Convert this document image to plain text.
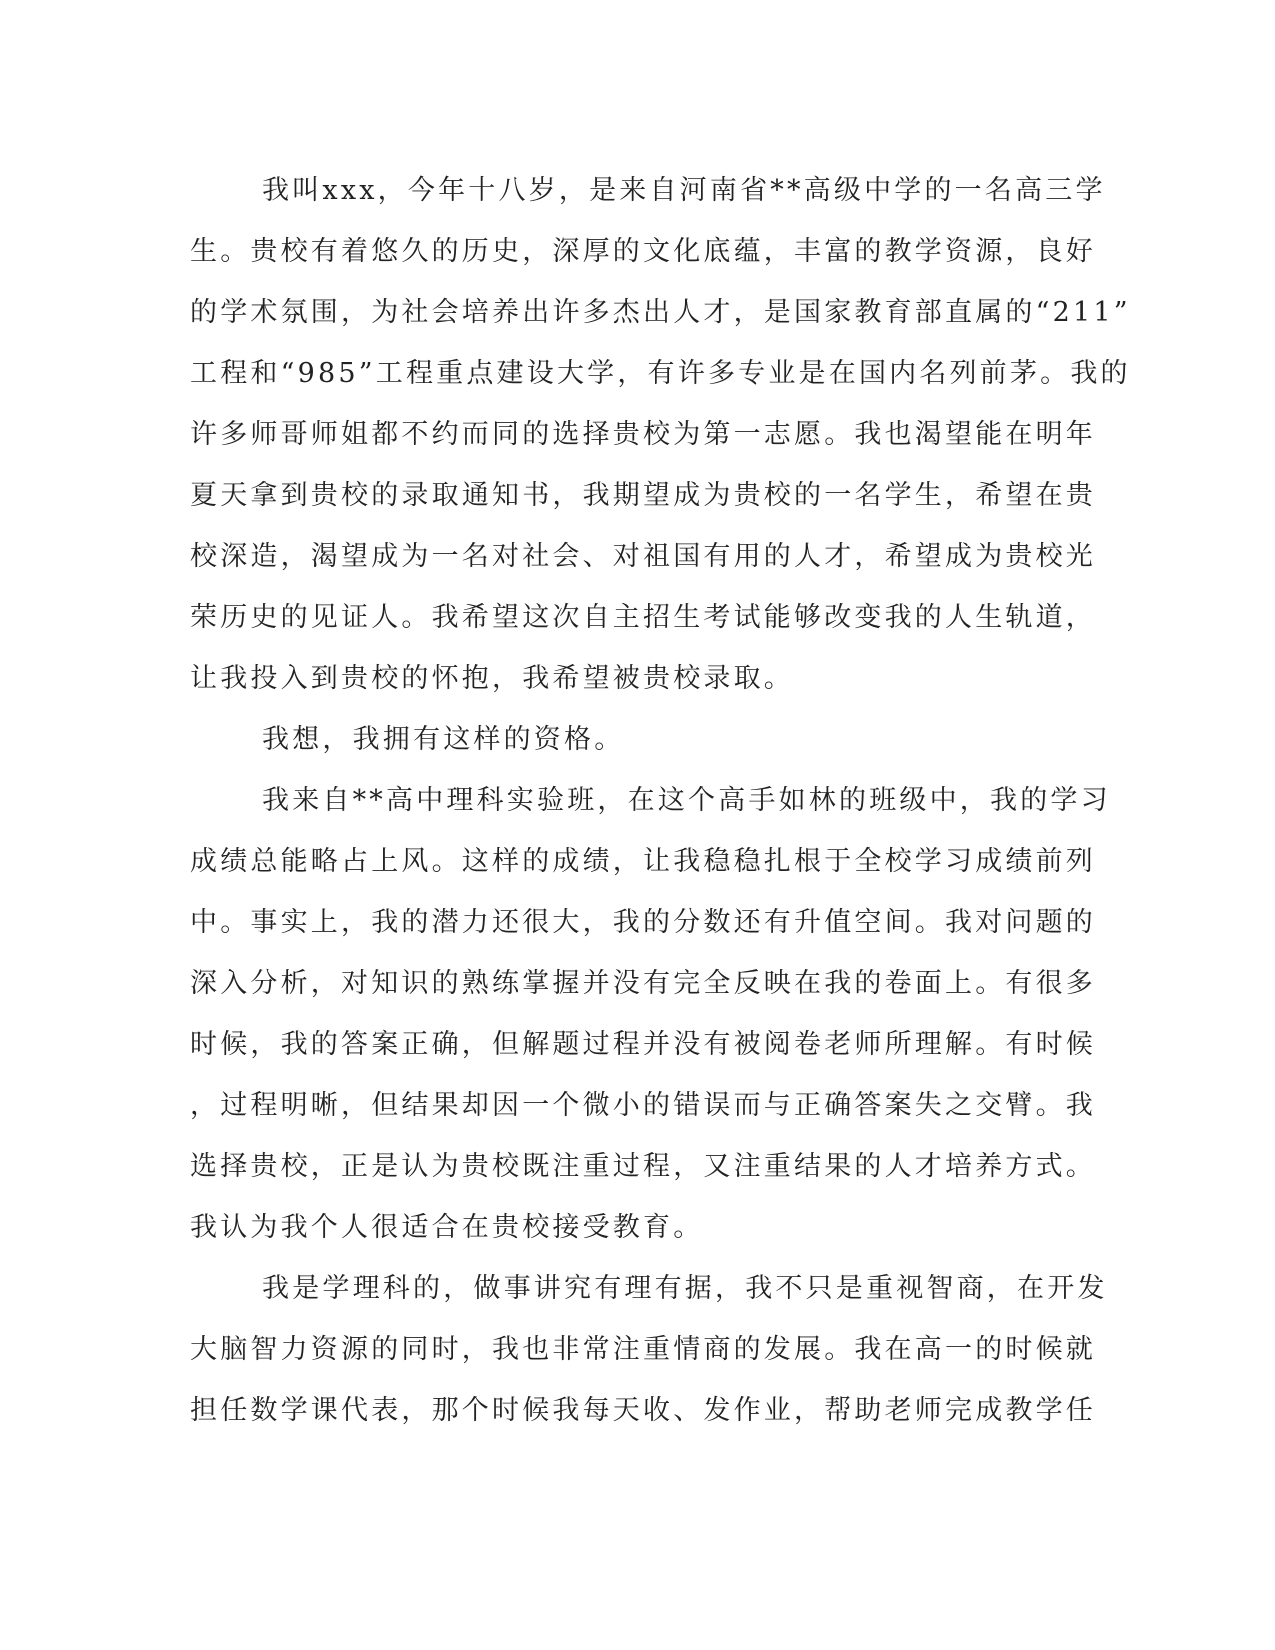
我叫xxx，今年十八岁，是来自河南省**高级中学的一名高三学
生。贵校有着悠久的历史，深厚的文化底蕴，丰富的教学资源，良好
的学术氛围，为社会培养出许多杰出人才，是国家教育部直属的“211”
工程和“985”工程重点建设大学，有许多专业是在国内名列前茅。我的
许多师哥师姐都不约而同的选择贵校为第一志愿。我也渴望能在明年
夏天拿到贵校的录取通知书，我期望成为贵校的一名学生，希望在贵
校深造，渴望成为一名对社会、对祖国有用的人才，希望成为贵校光
荣历史的见证人。我希望这次自主招生考试能够改变我的人生轨道，
让我投入到贵校的怀抱，我希望被贵校录取。
我想，我拥有这样的资格。
我来自**高中理科实验班，在这个高手如林的班级中，我的学习
成绩总能略占上风。这样的成绩，让我稳稳扎根于全校学习成绩前列
中。事实上，我的潜力还很大，我的分数还有升值空间。我对问题的
深入分析，对知识的熟练掌握并没有完全反映在我的卷面上。有很多
时候，我的答案正确，但解题过程并没有被阅卷老师所理解。有时候
，过程明晰，但结果却因一个微小的错误而与正确答案失之交臂。我
选择贵校，正是认为贵校既注重过程，又注重结果的人才培养方式。
我认为我个人很适合在贵校接受教育。
我是学理科的，做事讲究有理有据，我不只是重视智商，在开发
大脑智力资源的同时，我也非常注重情商的发展。我在高一的时候就
担任数学课代表，那个时候我每天收、发作业，帮助老师完成教学任
